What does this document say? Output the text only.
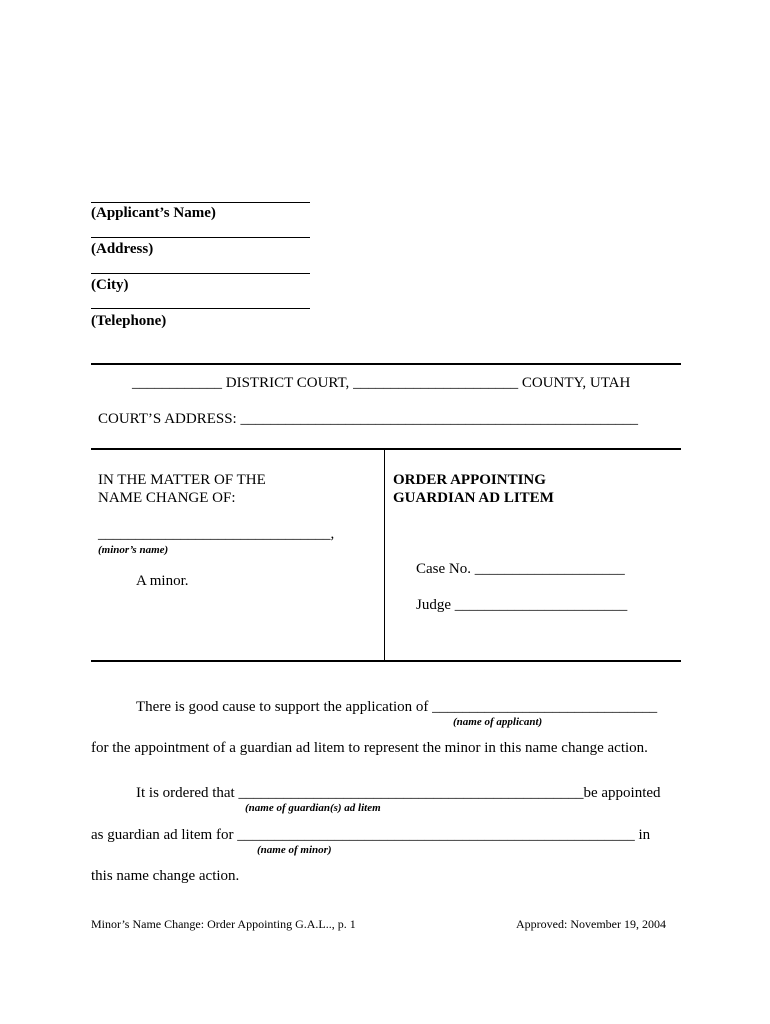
(Applicant’s Name)
(Address)
(City)
(Telephone)
____________ DISTRICT COURT, ______________________ COUNTY, UTAH
COURT’S ADDRESS: _____________________________________________________
IN THE MATTER OF THE
NAME CHANGE OF:
_______________________________,
(minor’s name)
A minor.
ORDER APPOINTING
GUARDIAN AD LITEM
Case No. ____________________
Judge _______________________
There is good cause to support the application of ______________________________
(name of applicant)
for the appointment of a guardian ad litem to represent the minor in this name change action.
It is ordered that ______________________________________________be appointed
(name of guardian(s) ad litem
as guardian ad litem for _____________________________________________________ in
(name of minor)
this name change action.
Minor’s Name Change: Order Appointing G.A.L.., p. 1	Approved: November 19, 2004
